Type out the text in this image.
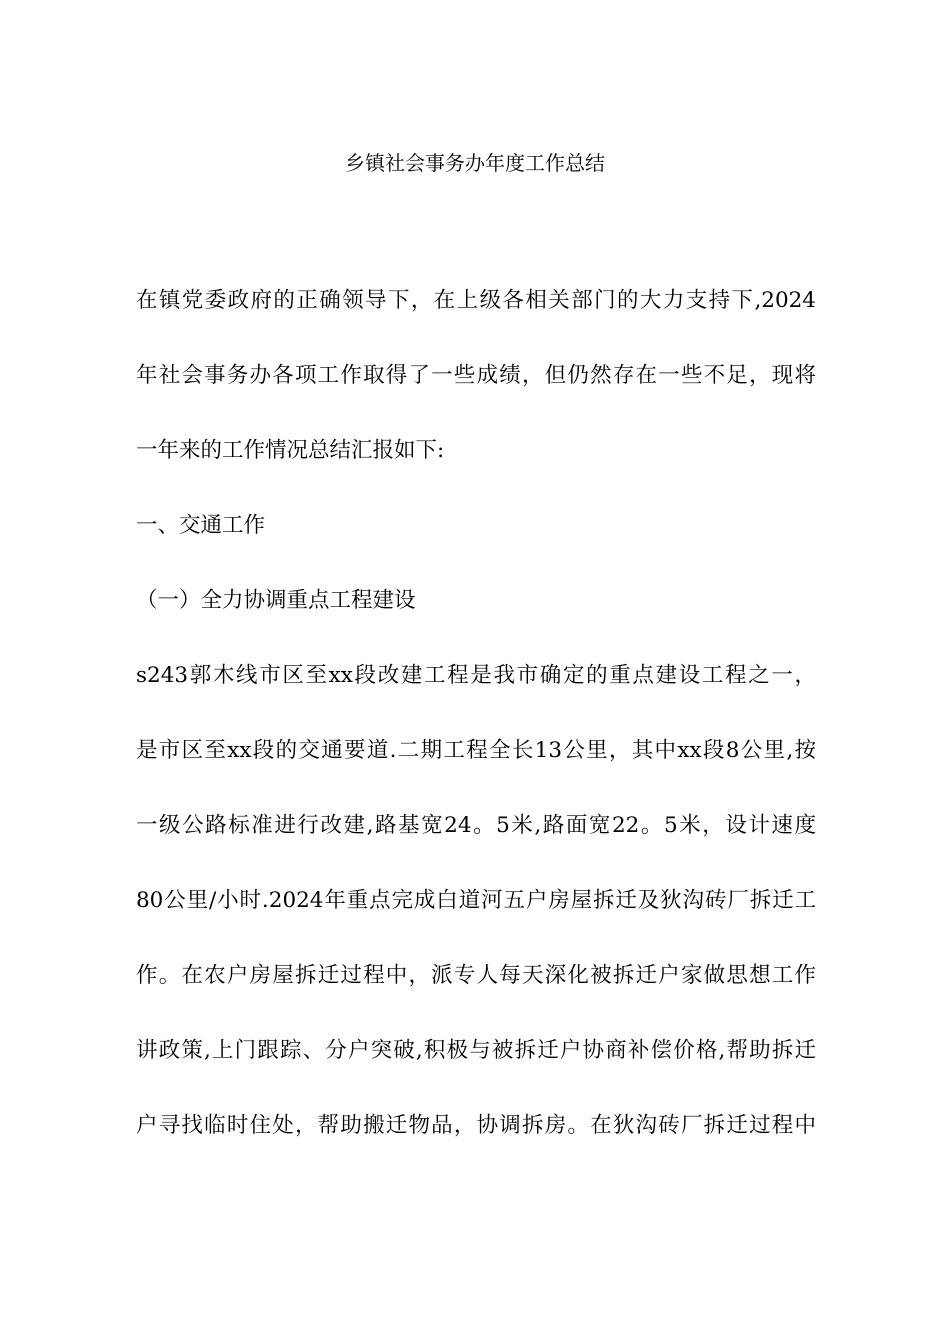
乡镇社会事务办年度工作总结
在镇党委政府的正确领导下，在上级各相关部门的大力支持下,2024
年社会事务办各项工作取得了一些成绩，但仍然存在一些不足，现将
一年来的工作情况总结汇报如下:
一、交通工作
（一）全力协调重点工程建设
s243郭木线市区至xx段改建工程是我市确定的重点建设工程之一，
是市区至xx段的交通要道.二期工程全长13公里，其中xx段8公里,按
一级公路标准进行改建,路基宽24。5米,路面宽22。5米，设计速度
80公里/小时.2024年重点完成白道河五户房屋拆迁及狄沟砖厂拆迁工
作。在农户房屋拆迁过程中，派专人每天深化被拆迁户家做思想工作
讲政策,上门跟踪、分户突破,积极与被拆迁户协商补偿价格,帮助拆迁
户寻找临时住处，帮助搬迁物品，协调拆房。在狄沟砖厂拆迁过程中
